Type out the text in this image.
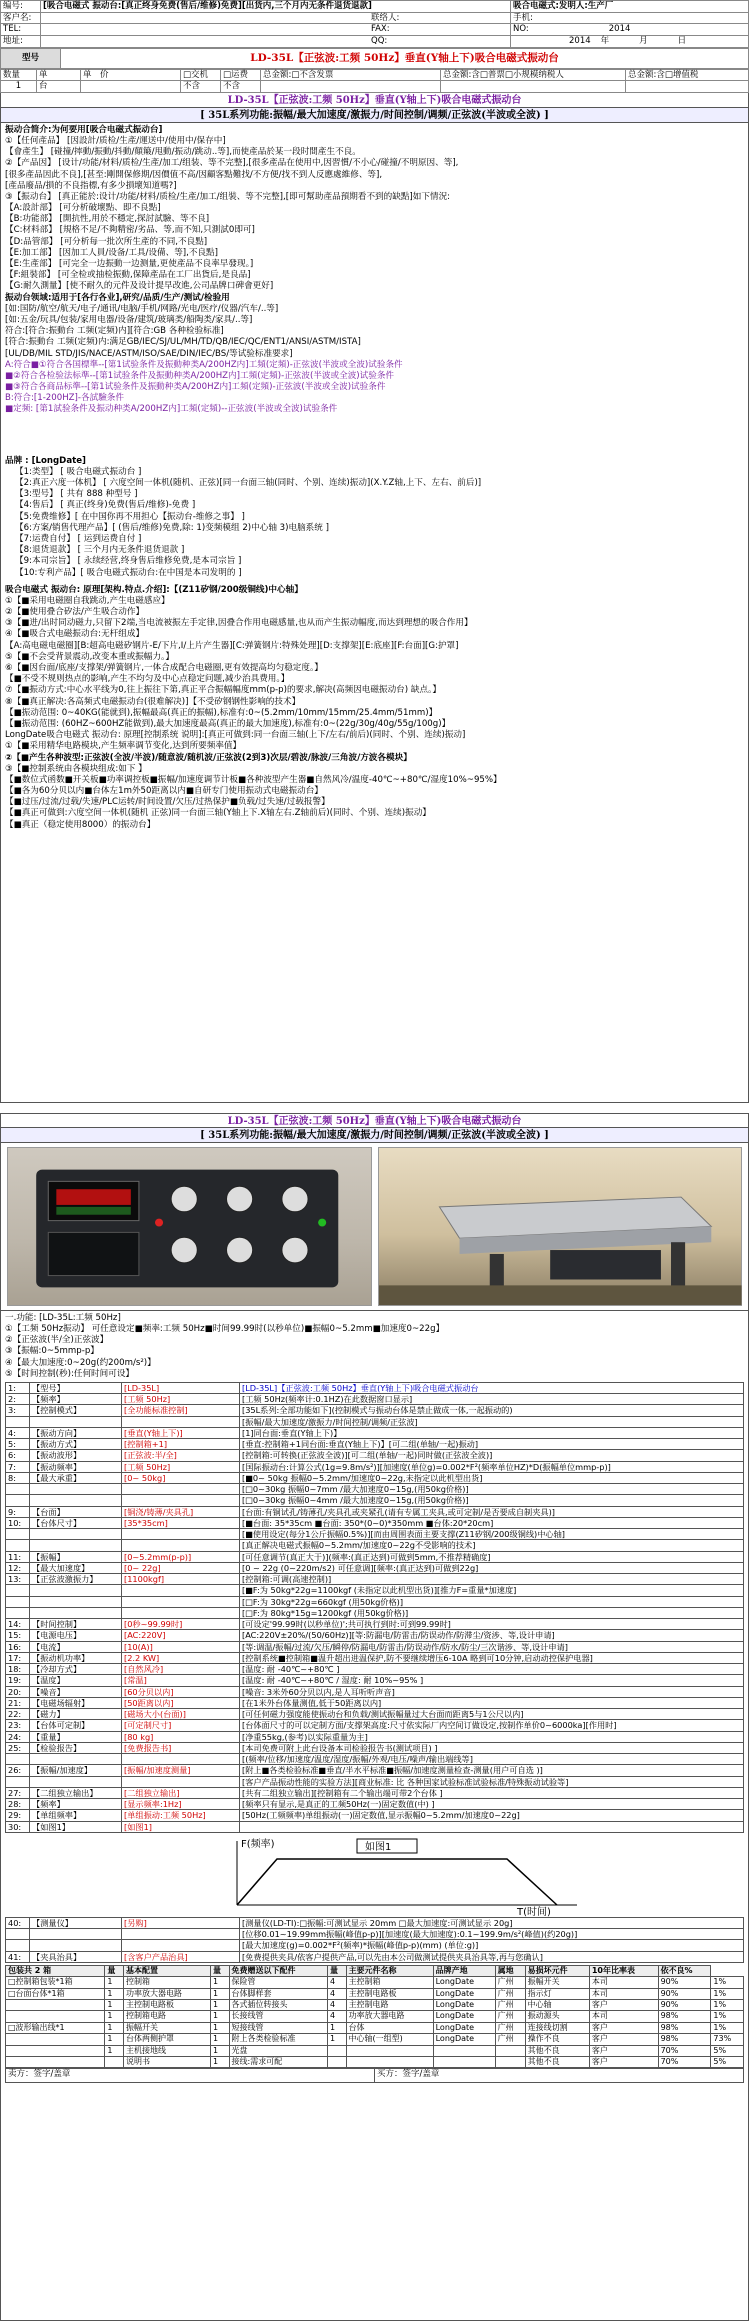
编号:	[吸合电磁式 振动台:[真正终身免费(售后/维修)免费][出货内,三个月内无条件退货退款]	吸合电磁式:发明人:生产厂
客户名:	联络人:	手机:
TEL:	FAX:	NO: 2014
地址:	QQ:	2014 年 月 日
型号	LD-35L【正弦波:工频 50Hz】垂直(Y轴上下)吸合电磁式振动台
数量	单	单　价	□交机	□运费	总金额:□不含发票	总金额:含□普票□小规模纳税人	总金额:含□增值税
1	台		不含	不含			
LD-35L【正弦波:工频 50Hz】垂直(Y轴上下)吸合电磁式振动台
[ 35L系列功能:振幅/最大加速度/激振力/时间控制/调频/正弦波(半波或全波) ]
振动合简介:为何要用[吸合电磁式振动台]
①【任何產品】 [因設計/质检/生產/運送中/使用中/保存中]
【會產生】 [碰撞/摔動/振動/抖動/顛簸/甩動/振动/跳动..等],而使產品於某一段时間產生不良。
②【产品因】 [设计/功能/材料/质检/生產/加工/组装、等不完整],[很多產品在使用中,因習慣/不小心/碰撞/不明原因、等],
[很多產品因此不良],[甚至:剛開保修期/因價值不高/因顧客點難找/不方便/找不到人反應處維修、等],
[產品廢品/損的不良指標,有多少損壞知道嗎?]
③【振动台】 [真正能於:设计/功能/材料/质检/生產/加工/组裝、等不完整],[即可幫助產品預期看不到的缺點]如下情況:
【A:設計部】 [可分析破壞點、即不良點]
【B:功能部】 [開抗性,用於不穩定,探討試驗、等不良]
【C:材料部】 [規格不足/不夠精密/劣品、等,而不知,只測試0即可]
【D:品管部】 [可分析每一批次所生產的不同,不良點]
【E:加工部】 [因加工人員/设备/工具/设備、等],不良點]
【E:生產部】 [可完全一边振動一边测量,更使產品不良率早發现。]
【F:組裝部】 [可全检或抽检振動,保障產品在工厂出貨后,是良品]
【G:耐久測量】[使不耐久的元件及设计提早改進,公司品牌口碑會更好]
振动台领域:适用于[各行各业],研究/品质/生产/测试/检验用
[如:国防/航空/航天/电子/通讯/电脑/手机/网路/光电/医疗/仪器/汽车/..等]
[如:五金/玩具/包装/家用电器/设备/建筑/玻璃类/船陶类/家具/..等]
符合:[符合:振動台 工频(定频)内][符合:GB 各种检验标准]
[符合:振動台 工频(定频)内:满足GB/IEC/SJ/UL/MH/TD/QB/IEC/QC/ENT1/ANSI/ASTM/ISTA]
[UL/DB/MIL STD/JIS/NACE/ASTM/ISO/SAE/DIN/IEC/BS/等试验标准要求]
A:符合■①符合各国標準--[第1试验条件及振動种类A/200HZ内]工頻(定頻)-正弦波(半波或全波)试验条件
■②符合各检验法标準--[第1试验条件及振動种类A/200HZ内]工頻(定頻)-正弦波(半波或全波)试验条件
■③符合各商品标準--[第1试验条件及振動种类A/200HZ内]工頻(定頻)-正弦波(半波或全波)试验条件
B:符合:[1-200HZ]-各試驗条件
■定频: [第1試验条件及振动种类A/200HZ内]工頻(定頻)--正弦波(半波或全波)试验条件
品牌 : [LongDate]
【1:类型】 [ 吸合电磁式振动台 ]
【2:真正六度一体机】 [ 六度空间一体机(随机、正弦)[同一台面三轴(同时、个别、连续)振动](X.Y.Z轴,上下、左右、前后)]
【3:型号】 [ 共有 888 种型号 ]
【4:售后】 [ 真正(终身)免费(售后/维修)-免费 ]
【5:免费维修】[ 在中国你再不用担心【振动台-维修之事】 ]
【6:方案/销售代理产品】[ (售后/维修)免费,除: 1)变频模组 2)中心轴 3)电脑系统 ]
【7:运费自付】 [ 运到运费自付 ]
【8:退货退款】 [ 三个月内无条件退货退款 ]
【9:本司宗旨】 [ 永续经营,终身售后维修免费,是本司宗旨 ]
【10:专利产品】[ 吸合电磁式振动台:在中国是本司发明的 ]
吸合电磁式 振动台: 原理[架构.特点.介绍]:【(Z11矽钢/200级铜线)中心轴】
①【■采用电磁圈自我跳动,产生电磁感应】
②【■使用叠合矽法/产生吸合动作】
③【■进/出时同动磁力,只留下2端,当电流被振左手定律,因叠合作用电磁感量,也从而产生振动幅度,而达到理想的吸合作用】
④【■吸合式电磁振动台:无杆组成】
【A:高电磁电磁圈][B:超高电磁矽钢片-E/下片,I/上片产生器][C:弹簧钢片:特殊处理][D:支撑架][E:底座][F:台面][G:护罩]
⑤【■不会受背景震动,改变本重或振幅力。】
⑥【■因台面/底座/支撑架/弹簧钢片,一体合成配合电磁圈,更有效提高均匀稳定度。】
【■不受不规则热点的影响,产生不均匀及中心点稳定问题,减少治具费用。】
⑦【■振动方式:中心水平线为0,往上振往下第,真正平合振幅幅度mm(p-p)的要求,解决(高频因电磁振动台) 缺点。】
⑧【■真正解决:各高频式电磁振动台(很难解决)]【不受矽钢钢性影响的技术】
【■振动范围: 0~40KG(能就到),振幅最高(真正的振幅),标准有:0~(5.2mm/10mm/15mm/25.4mm/51mm)】
【■振动范围: (60HZ~600HZ能做到),最大加速度最高(真正的最大加速度),标准有:0~(22g/30g/40g/55g/100g)】
LongDate吸合电磁式 振动台: 原理[控制系统 说明]:[真正可做到:同一台面三轴(上下/左右/前后)(同时、个别、连续)振动]
①【■采用精华电路模块,产生频率调节变化,达到所要频率值】
②【■产生各种波型:正弦波(全波/半波)/随意波/随机波/正弦波(2到3)次层/碧波/脉波/三角波/方波各模块】
③【■控制系统由各模块组成:如下 】
【■数位式函数■开关板■功率调控板■振幅/加速度调节计板■各种波型产生器■自然风冷/温度-40℃~+80℃/湿度10%~95%】
【■各为60分贝以内■台体左1m外50距离以内■自研专门使用振动式电磁振动台】
【■过压/过流/过载/失速/PLC运转/时间设置/欠压/过热保护■负载/过失速/过载报警】
【■真正可做到:六度空间一体机(随机 正弦)同一台面三轴(Y轴上下.X轴左右.Z轴前后)(同时、个别、连续)振动】
【■真正（稳定使用8000）的振动台】
LD-35L【正弦波:工频 50Hz】垂直(Y轴上下)吸合电磁式振动台
[ 35L系列功能:振幅/最大加速度/激振力/时间控制/调频/正弦波(半波或全波) ]
一.功能: [LD-35L:工频 50Hz]
①【工频 50Hz振动】 可任意设定■频率:工频 50Hz■时间99.99时(以秒单位)■振幅0~5.2mm■加速度0~22g】
②【正弦波(半/全)正弦波】
③【振幅:0~5mmp-p】
④【最大加速度:0~20g(约200m/s²)】
⑤【时间控制(秒):任何时间可设】
1:	【型号】	[LD-35L]	[LD-35L]【正弦波:工频 50Hz】垂直(Y轴上下)吸合电磁式振动台
2:	【频率】	[工频 50Hz]	[工频 50Hz(频率计:0.1HZ)在此数据窗口显示]
3:	【控制模式】	[全功能标准控制]	[35L系列:全部功能如下](控制模式与振动台体是禁止做成一体,一起振动的)
			[振幅/最大加速度/激振力/时间控制/调频/正弦波]
4:	【振动方向】	[垂直(Y轴上下)]	[1]同台面:垂直(Y轴上下)】
5:	【振动方式】	[控制箱+1]	[垂直:控制箱+1同台面:垂直(Y轴上下)】[可二组(单轴/一起)振动]
6:	【振动波形】	[正弦波:半/全]	[控制箱:可转换(正弦波全波)][可二组(单轴/一起)同时做(正弦波全波)]
7:	【振动频率】	[工频 50Hz]	[国际振动台:计算公式(1g=9.8m/s²)][加速度(单位g)=0.002*F²(频率单位HZ)*D(振幅单位mmp-p)]
8:	【最大承重】	[0~ 50kg]	[■0~ 50kg 振幅0~5.2mm/加速度0~22g,未指定以此机型出货]
			[□0~30kg 振幅0~7mm /最大加速度0~15g,(用50kg价格)]
			[□0~30kg 振幅0~4mm /最大加速度0~15g,(用50kg价格)]
9:	【台面】	[铜浇/铸薄/夹具孔]	[台面:有铜试孔/铸薄孔/夹具孔或夹紧孔(请有专属工夹具,或可定制/是否要成自制夹具)]
10:	【台体尺寸】	[35*35cm]	[■台面: 35*35cm ■台面: 350*(0~0)*350mm ■台体:20*20cm]
			[■使用设定(每分1公斤振幅0.5%)][而由周围表面主要支撑(Z11矽钢/200级铜线)中心轴]
			[真正解决电磁式振幅0~5.2mm/加速度0~22g不受影响的技术]
11:	【振幅】	[0~5.2mm(p-p)]	[可任意调节(真正大于)](频率:(真正达到)可做到5mm,不推荐精确度]
12:	【最大加速度】	[0~ 22g]	[0 ~ 22g (0~220m/s2) 可任意调][频率:(真正达到)可做到22g]
13:	【正弦波激振力】	[1100kgf]	[控制箱:可调(高速控制)]
			[■F:为 50kg*22g=1100kgf (未指定以此机型出货)][推力F=重量*加速度]
			[□F:为 30kg*22g=660kgf (用50kg价格)]
			[□F:为 80kg*15g=1200kgf (用50kg价格)]
14:	【时间控制】	[0秒~99.99时]	[可设定'99.99时(以秒单位)';共可执行到时:可到99.99时]
15:	【电源电压】	[AC:220V]	[AC:220V±20%/(50/60Hz)][等:防漏电/防雷击/防误动作/防滞尘/资涉、等,设计申请]
16:	【电流】	[10(A)]	[等:调温/振幅/过流/欠压/瞬停/防漏电/防雷击/防误动作/防水/防尘/三次谐涉、等,设计申请]
17:	【振动机功率】	[2.2 KW]	[控制系统■控制箱■温升超出进温保护,防不要继续增压6-10A 略到可10分钟,启动动控保护电器]
18:	【冷却方式】	[自然风冷]	[温度: 耐 -40℃~+80℃ ]
19:	【温度】	[常温]	[温度: 耐 -40℃~+80℃ / 湿度: 耐 10%~95% ]
20:	【噪音】	[60分贝以内]	[噪音: 3米外60分贝以内,是人耳听听声音]
21:	【电磁场辐射】	[50距离以内]	[在1米外台体量测值,低于50距离以内]
22:	【磁力】	[磁场大小(台面)]	[可任何磁力强度能使振动台和负载/测试振幅量过大台面而距离5与1公尺以内]
23:	【台体可定制】	[可定制尺寸]	[台体面尺寸的可以定制方面/支撑架高度:尺寸依实际厂内空间订做设定,按制作单价0~6000ka][作用时]
24:	【重量】	[80 kg]	[净重55kg,(参考)以实际重量为主]
25:	【检验报告】	[免费报告书]	[本司免费可附上此台设备本司检验报告书(测试项目) ]
			[(频率/位移/加速度/温度/湿度/振幅/外观/电压/噪声/输出端线等]
26:	【振幅/加速度】	[振幅/加速度测量]	[附上■各类检验标准■垂直/半水平标准■振幅/加速度测量检查-测量(用户可自选 )]
			[客户产品振动性能的实验方法][商业标准: 比 各种国家试验标准试验标准/特殊振动试验等]
27:	【二组独立输出】	[二组独立输出]	[共有二组独立输出][控制箱有二个输出端可带2个台体 ]
28:	【频率】	[显示频率:1Hz]	[频率只有显示,是真正的工频50Hz(一)固定数值(中) ]
29:	【单组频率】	[单组振动:工频 50Hz]	[50Hz(工频频率)单组振动(一)固定数值,显示振幅0~5.2mm/加速度0~22g]
30:	【如图1】	[如图1]	
F(频率)	如图1
T(时间)
40:	【测量仪】	[另购]	[测量仪(LD-TI):□振幅:可测试显示 20mm □最大加速度:可测试显示 20g]
			[位移0.01~19.99mm振幅(峰值p-p)][加速度(最大加速度):0.1~199.9m/s²(峰值)(约20g)]
			[最大加速度(g)=0.002*F²(频率)*振幅(峰值p-p)(mm) (单位:g)]
41:	【夹具治具】	[含客户产品治具]	[免费提供夹具/依客户提供产品,可以先由本公司做测试提供夹具治具等,再与您确认]
包装共 2 箱	量	基本配置	量	免费赠送以下配件	量	主要元件名称	品牌产地	属地	易损坏元件	10年比率表	依不良%	
□控制箱包装*1箱	1	控制箱	1	保险管	4	主控制箱	LongDate	广州	振幅开关	本司	90%	1%
□台面台体*1箱	1	功率放大器电路	1	台体脚样套	4	主控制电路板	LongDate	广州	指示灯	本司	90%	1%
	1	主控制电路板	1	各式插位转接头	4	主控制电路	LongDate	广州	中心轴	客户	90%	1%
	1	控制箱电路	1	长接线管	4	功率放大器电路	LongDate	广州	振动源头	本司	98%	1%
□波形输出线*1	1	振幅开关	1	短接线管	1	台体	LongDate	广州	连接线切割	客户	98%	1%
	1	台体两侧护罩	1	附上各类检验标准	1	中心轴(一组型)	LongDate	广州	操作不良	客户	98%	73%
	1	主机接地线	1	光盘					其他不良	客户	70%	5%
		说明书	1	接线:需求可配					其他不良	客户	70%	5%
卖方：签字/盖章	买方：签字/盖章
